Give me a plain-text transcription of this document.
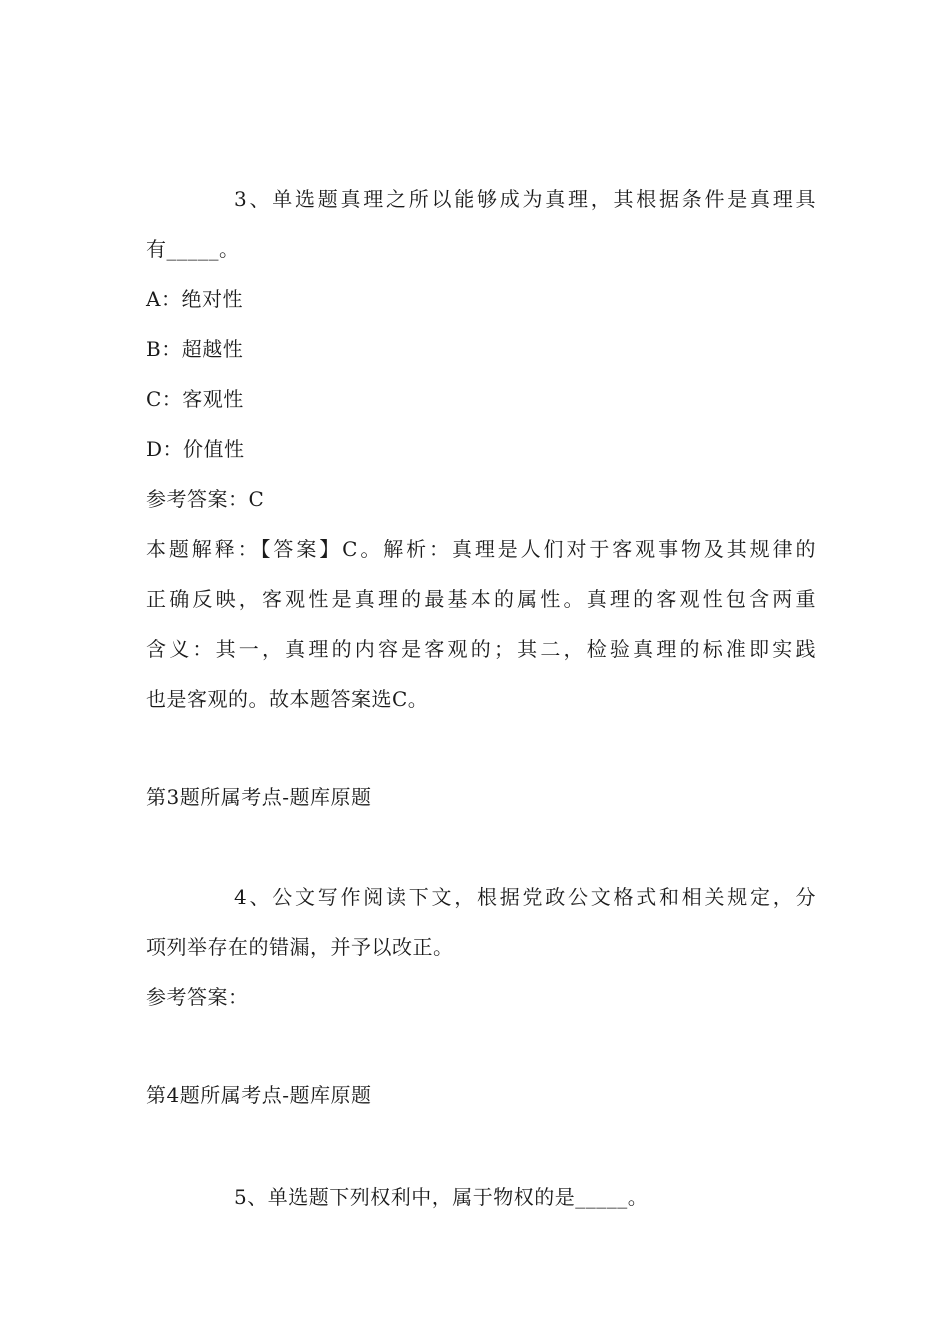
3、单选题真理之所以能够成为真理，其根据条件是真理具
有_____。
A：绝对性
B：超越性
C：客观性
D：价值性
参考答案：C
本题解释：【答案】C。解析：真理是人们对于客观事物及其规律的
正确反映，客观性是真理的最基本的属性。真理的客观性包含两重
含义：其一，真理的内容是客观的；其二，检验真理的标准即实践
也是客观的。故本题答案选C。
第3题所属考点-题库原题
4、公文写作阅读下文，根据党政公文格式和相关规定，分
项列举存在的错漏，并予以改正。
参考答案：
第4题所属考点-题库原题
5、单选题下列权利中，属于物权的是_____。
